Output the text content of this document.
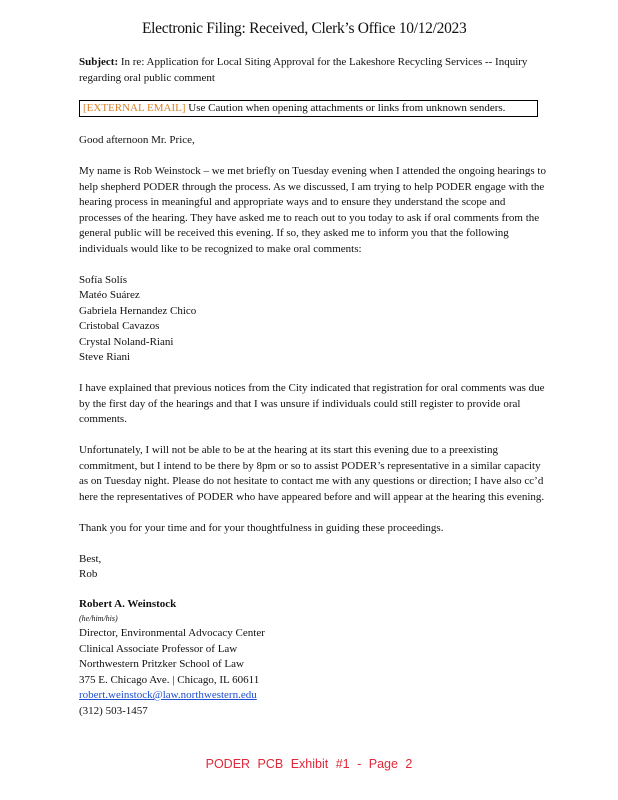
Electronic Filing: Received, Clerk’s Office 10/12/2023
Subject: In re: Application for Local Siting Approval for the Lakeshore Recycling Services -- Inquiry regarding oral public comment
[EXTERNAL EMAIL] Use Caution when opening attachments or links from unknown senders.

Good afternoon Mr. Price,

My name is Rob Weinstock – we met briefly on Tuesday evening when I attended the ongoing hearings to help shepherd PODER through the process. As we discussed, I am trying to help PODER engage with the hearing process in meaningful and appropriate ways and to ensure they understand the scope and processes of the hearing. They have asked me to reach out to you today to ask if oral comments from the general public will be received this evening. If so, they asked me to inform you that the following individuals would like to be recognized to make oral comments:

Sofía Solís
Matéo Suárez
Gabriela Hernandez Chico
Cristobal Cavazos
Crystal Noland-Riani
Steve Riani

I have explained that previous notices from the City indicated that registration for oral comments was due by the first day of the hearings and that I was unsure if individuals could still register to provide oral comments.

Unfortunately, I will not be able to be at the hearing at its start this evening due to a preexisting commitment, but I intend to be there by 8pm or so to assist PODER’s representative in a similar capacity as on Tuesday night. Please do not hesitate to contact me with any questions or direction; I have also cc’d here the representatives of PODER who have appeared before and will appear at the hearing this evening.

Thank you for your time and for your thoughtfulness in guiding these proceedings.

Best,
Rob
Robert A. Weinstock
(he/him/his)
Director, Environmental Advocacy Center
Clinical Associate Professor of Law
Northwestern Pritzker School of Law
375 E. Chicago Ave. | Chicago, IL 60611
robert.weinstock@law.northwestern.edu
(312) 503-1457
PODER PCB Exhibit #1 - Page 2
